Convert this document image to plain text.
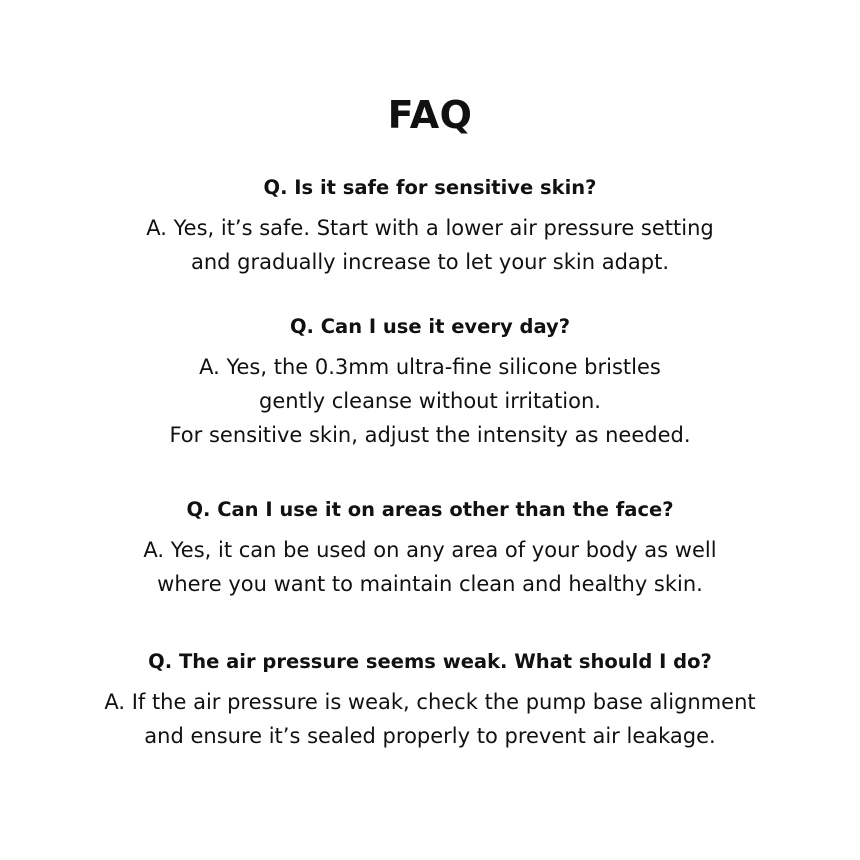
FAQ

Q. Is it safe for sensitive skin?

A. Yes, it’s safe. Start with a lower air pressure setting
and gradually increase to let your skin adapt.

Q. Can I use it every day?

A. Yes, the 0.3mm ultra-fine silicone bristles
gently cleanse without irritation.
For sensitive skin, adjust the intensity as needed.

Q. Can I use it on areas other than the face?

A. Yes, it can be used on any area of your body as well
where you want to maintain clean and healthy skin.

Q. The air pressure seems weak. What should I do?

A. If the air pressure is weak, check the pump base alignment
and ensure it’s sealed properly to prevent air leakage.
